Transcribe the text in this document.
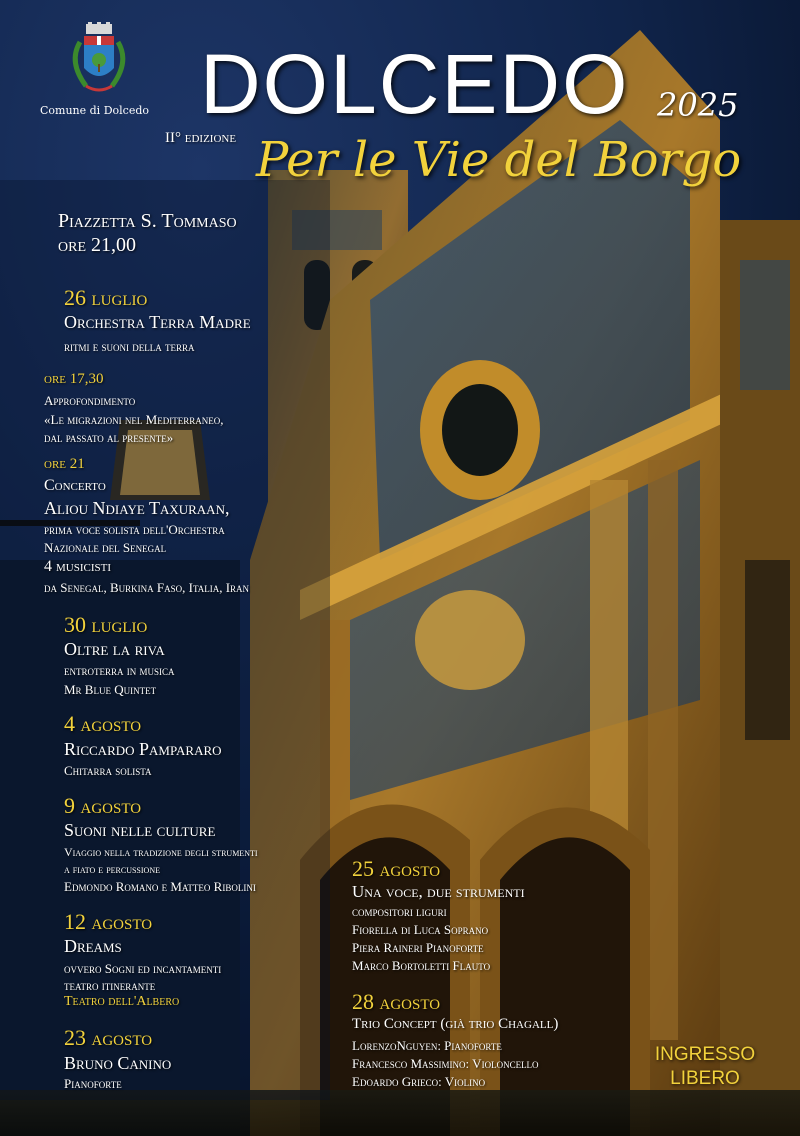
Comune di Dolcedo DOLCEDO 2025
II° edizione Per le Vie del Borgo
Piazzetta S. Tommaso
ore 21,00
26 luglio
Orchestra Terra Madre
ritmi e suoni della terra
ore 17,30
Approfondimento
«Le migrazioni nel Mediterraneo,
dal passato al presente»
ore 21
Concerto
Aliou Ndiaye Taxuraan,
prima voce solista dell'Orchestra
Nazionale del Senegal
4 musicisti
da Senegal, Burkina Faso, Italia, Iran
30 luglio
Oltre la riva
entroterra in musica
Mr Blue Quintet
4 agosto
Riccardo Pampararo
Chitarra solista
9 agosto
Suoni nelle culture
Viaggio nella tradizione degli strumenti
a fiato e percussione
Edmondo Romano e Matteo Ribolini
12 agosto
Dreams
ovvero Sogni ed incantamenti
teatro itinerante
Teatro dell'Albero
23 agosto
Bruno Canino
Pianoforte
25 agosto
Una voce, due strumenti
compositori liguri
Fiorella di Luca Soprano
Piera Raineri Pianoforte
Marco Bortoletti Flauto
28 agosto
Trio Concept (già trio Chagall)
LorenzoNguyen: Pianoforte
Francesco Massimino: Violoncello
Edoardo Grieco: Violino
INGRESSO
LIBERO
